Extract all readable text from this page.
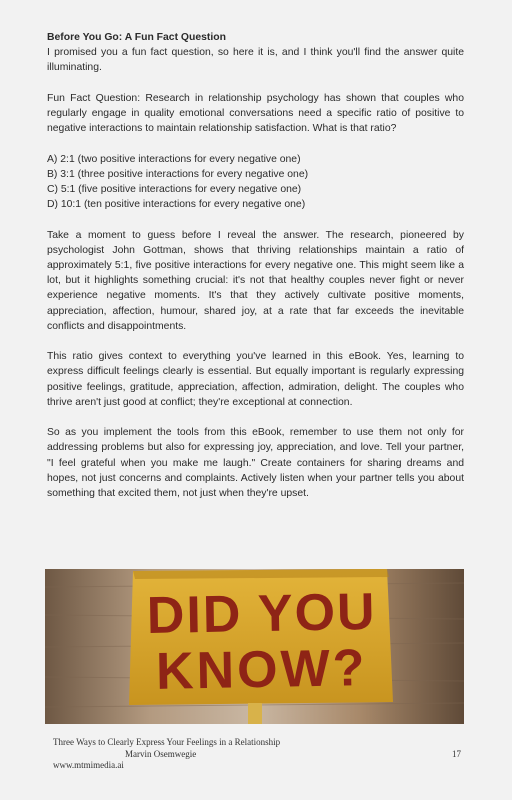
Before You Go: A Fun Fact Question

I promised you a fun fact question, so here it is, and I think you'll find the answer quite illuminating.

Fun Fact Question: Research in relationship psychology has shown that couples who regularly engage in quality emotional conversations need a specific ratio of positive to negative interactions to maintain relationship satisfaction. What is that ratio?

A) 2:1 (two positive interactions for every negative one)
B) 3:1 (three positive interactions for every negative one)
C) 5:1 (five positive interactions for every negative one)
D) 10:1 (ten positive interactions for every negative one)

Take a moment to guess before I reveal the answer. The research, pioneered by psychologist John Gottman, shows that thriving relationships maintain a ratio of approximately 5:1, five positive interactions for every negative one. This might seem like a lot, but it highlights something crucial: it's not that healthy couples never fight or never experience negative moments. It's that they actively cultivate positive moments, appreciation, affection, humour, shared joy, at a rate that far exceeds the inevitable conflicts and disappointments.

This ratio gives context to everything you've learned in this eBook. Yes, learning to express difficult feelings clearly is essential. But equally important is regularly expressing positive feelings, gratitude, appreciation, affection, admiration, delight. The couples who thrive aren't just good at conflict; they're exceptional at connection.

So as you implement the tools from this eBook, remember to use them not only for addressing problems but also for expressing joy, appreciation, and love. Tell your partner, "I feel grateful when you make me laugh." Create containers for sharing dreams and hopes, not just concerns and complaints. Actively listen when your partner tells you about something that excited them, not just when they're upset.

DID YOU
KNOW?
Three Ways to Clearly Express Your Feelings in a Relationship

Marvin Osemwegie
www.mtmimedia.ai
17
